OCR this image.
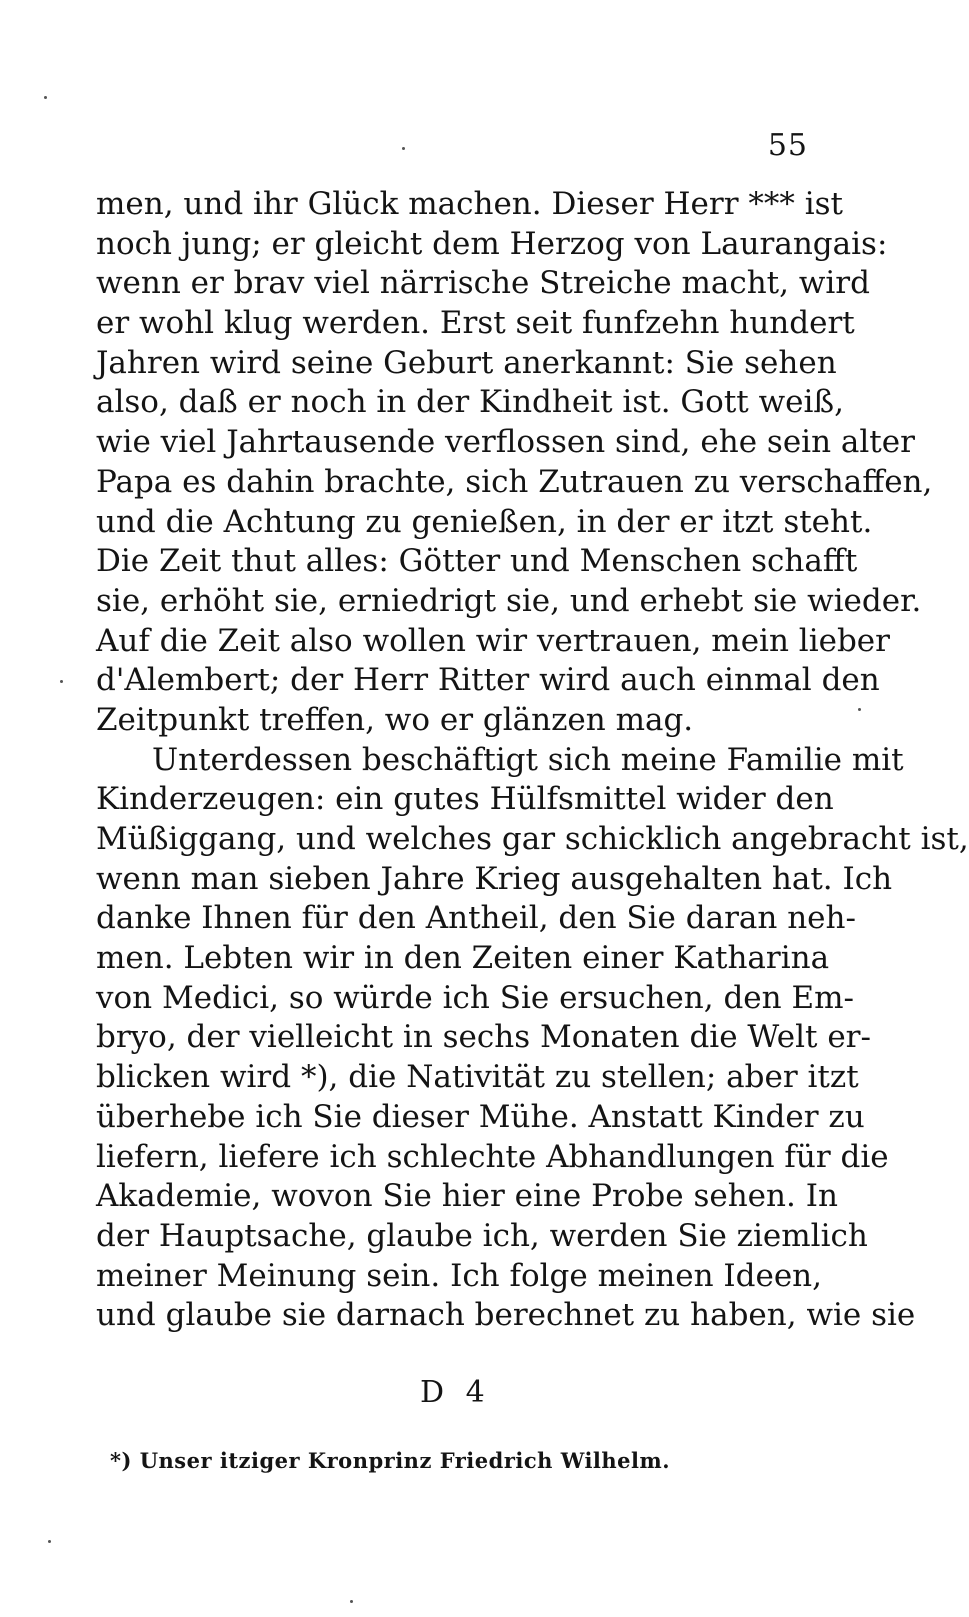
55
men, und ihr Glück machen. Dieser Herr *** ist
noch jung; er gleicht dem Herzog von Laurangais:
wenn er brav viel närrische Streiche macht, wird
er wohl klug werden. Erst seit funfzehn hundert
Jahren wird seine Geburt anerkannt: Sie sehen
also, daß er noch in der Kindheit ist. Gott weiß,
wie viel Jahrtausende verflossen sind, ehe sein alter
Papa es dahin brachte, sich Zutrauen zu verschaffen,
und die Achtung zu genießen, in der er itzt steht.
Die Zeit thut alles: Götter und Menschen schafft
sie, erhöht sie, erniedrigt sie, und erhebt sie wieder.
Auf die Zeit also wollen wir vertrauen, mein lieber
d'Alembert; der Herr Ritter wird auch einmal den
Zeitpunkt treffen, wo er glänzen mag.
Unterdessen beschäftigt sich meine Familie mit
Kinderzeugen: ein gutes Hülfsmittel wider den
Müßiggang, und welches gar schicklich angebracht ist,
wenn man sieben Jahre Krieg ausgehalten hat. Ich
danke Ihnen für den Antheil, den Sie daran neh-
men. Lebten wir in den Zeiten einer Katharina
von Medici, so würde ich Sie ersuchen, den Em-
bryo, der vielleicht in sechs Monaten die Welt er-
blicken wird *), die Nativität zu stellen; aber itzt
überhebe ich Sie dieser Mühe. Anstatt Kinder zu
liefern, liefere ich schlechte Abhandlungen für die
Akademie, wovon Sie hier eine Probe sehen. In
der Hauptsache, glaube ich, werden Sie ziemlich
meiner Meinung sein. Ich folge meinen Ideen,
und glaube sie darnach berechnet zu haben, wie sie
D 4
*) Unser itziger Kronprinz Friedrich Wilhelm.
